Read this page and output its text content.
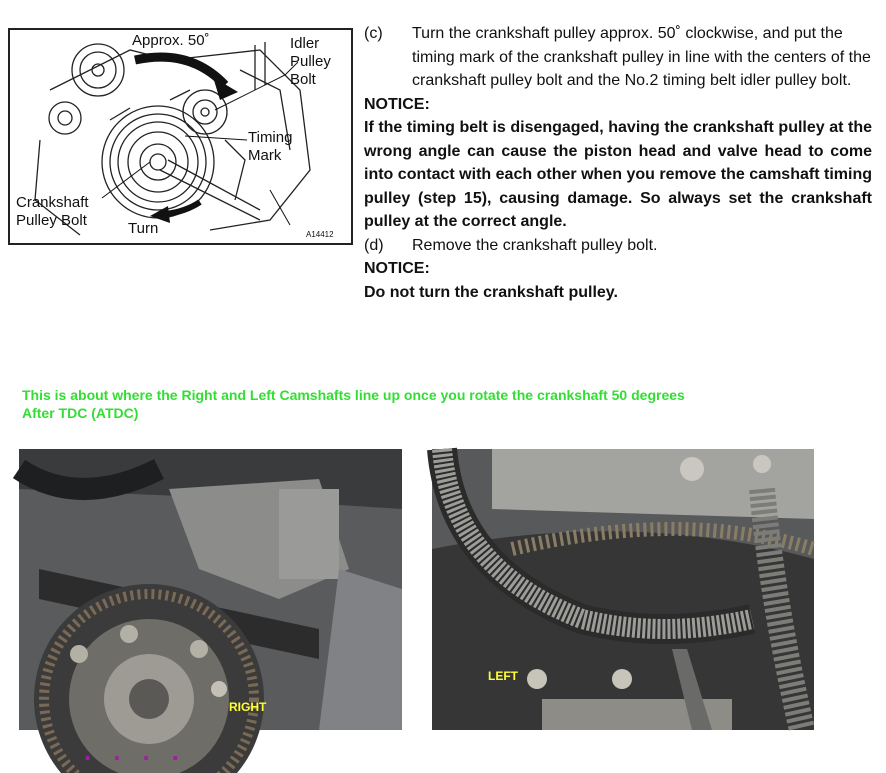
Approx. 50˚	Idler
Pulley
Bolt
Timing
Mark
Crankshaft
Pulley Bolt	Turn	A14412
(c)	Turn the crankshaft pulley approx. 50˚ clockwise, and put the timing mark of the crankshaft pulley in line with the centers of the crankshaft pulley bolt and the No.2 timing belt idler pulley bolt.
NOTICE:
If the timing belt is disengaged, having the crankshaft pulley at the wrong angle can cause the piston head and valve head to come into contact with each other when you remove the camshaft timing pulley (step 15), causing damage. So always set the crankshaft pulley at the correct angle.
(d)	Remove the crankshaft pulley bolt.
NOTICE:
Do not turn the crankshaft pulley.
This is about where the Right and Left Camshafts line up once you rotate the crankshaft 50 degrees
After TDC (ATDC)
RIGHT
LEFT
....
